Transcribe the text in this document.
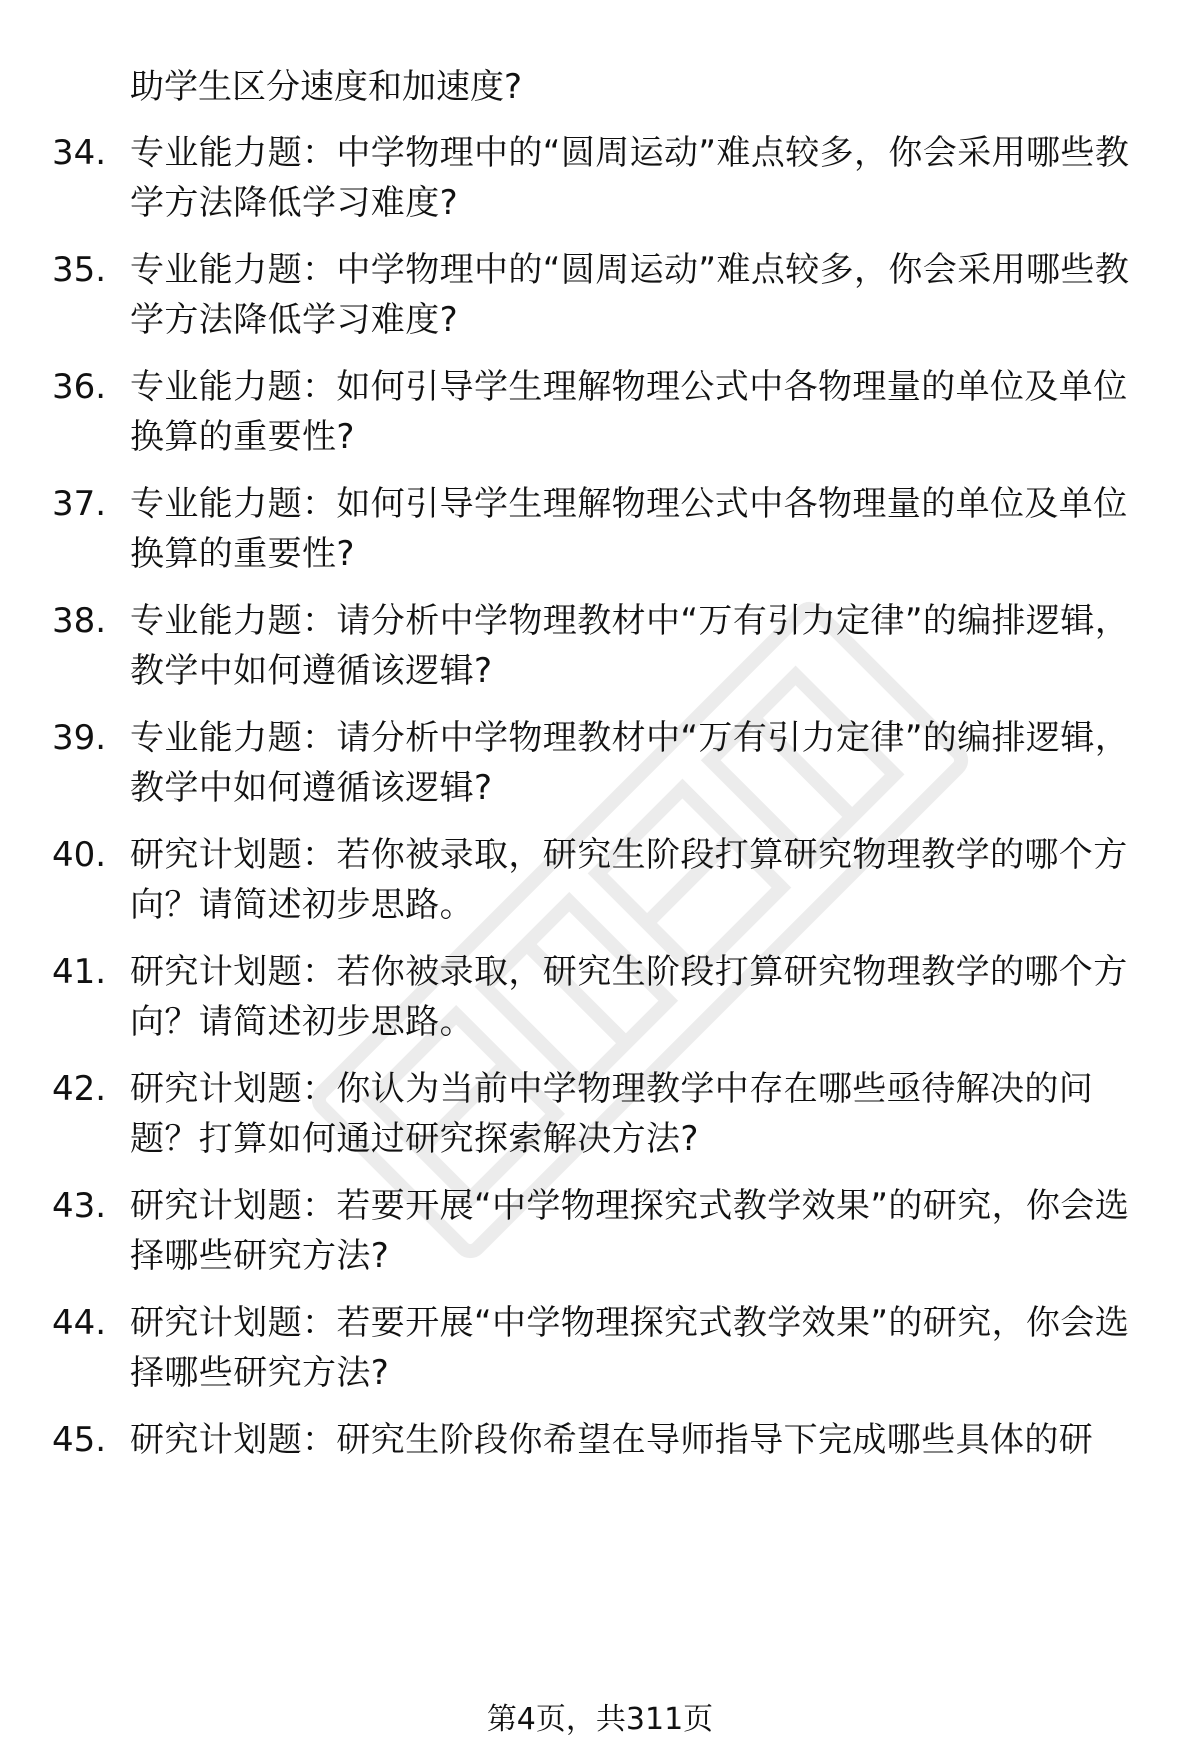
助学生区分速度和加速度?
34. 专业能力题：中学物理中的“圆周运动”难点较多，你会采用哪些教学方法降低学习难度?
35. 专业能力题：中学物理中的“圆周运动”难点较多，你会采用哪些教学方法降低学习难度?
36. 专业能力题：如何引导学生理解物理公式中各物理量的单位及单位换算的重要性?
37. 专业能力题：如何引导学生理解物理公式中各物理量的单位及单位换算的重要性?
38. 专业能力题：请分析中学物理教材中“万有引力定律”的编排逻辑，教学中如何遵循该逻辑?
39. 专业能力题：请分析中学物理教材中“万有引力定律”的编排逻辑，教学中如何遵循该逻辑?
40. 研究计划题：若你被录取，研究生阶段打算研究物理教学的哪个方向？请简述初步思路。
41. 研究计划题：若你被录取，研究生阶段打算研究物理教学的哪个方向？请简述初步思路。
42. 研究计划题：你认为当前中学物理教学中存在哪些亟待解决的问题？打算如何通过研究探索解决方法?
43. 研究计划题：若要开展“中学物理探究式教学效果”的研究，你会选择哪些研究方法?
44. 研究计划题：若要开展“中学物理探究式教学效果”的研究，你会选择哪些研究方法?
45. 研究计划题：研究生阶段你希望在导师指导下完成哪些具体的研
第4页，共311页
